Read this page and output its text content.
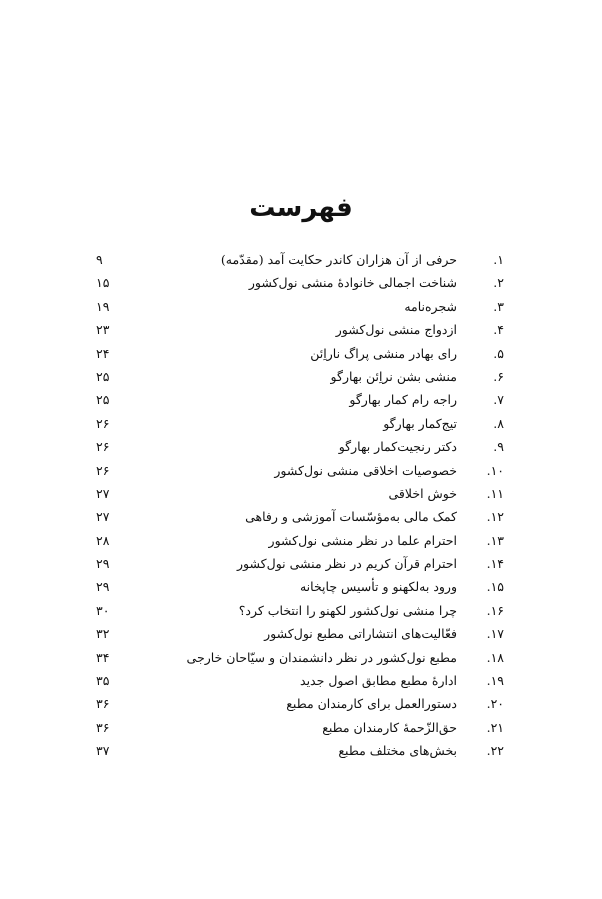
فهرست
۱.
حرفی از آن هزاران کاندر حکایت آمد (مقدّمه)
۹
۲.
شناخت اجمالی خانوادهٔ منشی نول‌کشور
۱۵
۳.
شجره‌نامه
۱۹
۴.
ازدواج منشی نول‌کشور
۲۳
۵.
رای بهادر منشی پراگ ناراِئن
۲۴
۶.
منشی بشن نراِئن بهارگو
۲۵
۷.
راجه رام کمار بهارگو
۲۵
۸.
تیج‌کمار بهارگو
۲۶
۹.
دکتر رنجیت‌کمار بهارگو
۲۶
۱۰.
خصوصیات اخلاقی منشی نول‌کشور
۲۶
۱۱.
خوش اخلاقی
۲۷
۱۲.
کمک مالی به‌مؤسّسات آموزشی و رفاهی
۲۷
۱۳.
احترام علما در نظر منشی نول‌کشور
۲۸
۱۴.
احترام قرآن کریم در نظر منشی نول‌کشور
۲۹
۱۵.
ورود به‌لکهنو و تأسیس چاپخانه
۲۹
۱۶.
چرا منشی نول‌کشور لکهنو را انتخاب کرد؟
۳۰
۱۷.
فعّالیت‌های انتشاراتی مطبع نول‌کشور
۳۲
۱۸.
مطبع نول‌کشور در نظر دانشمندان و سیّاحان خارجی
۳۴
۱۹.
ادارهٔ مطبع مطابق اصول جدید
۳۵
۲۰.
دستورالعمل برای کارمندان مطبع
۳۶
۲۱.
حق‌الزّحمهٔ کارمندان مطبع
۳۶
۲۲.
بخش‌های مختلف مطبع
۳۷
